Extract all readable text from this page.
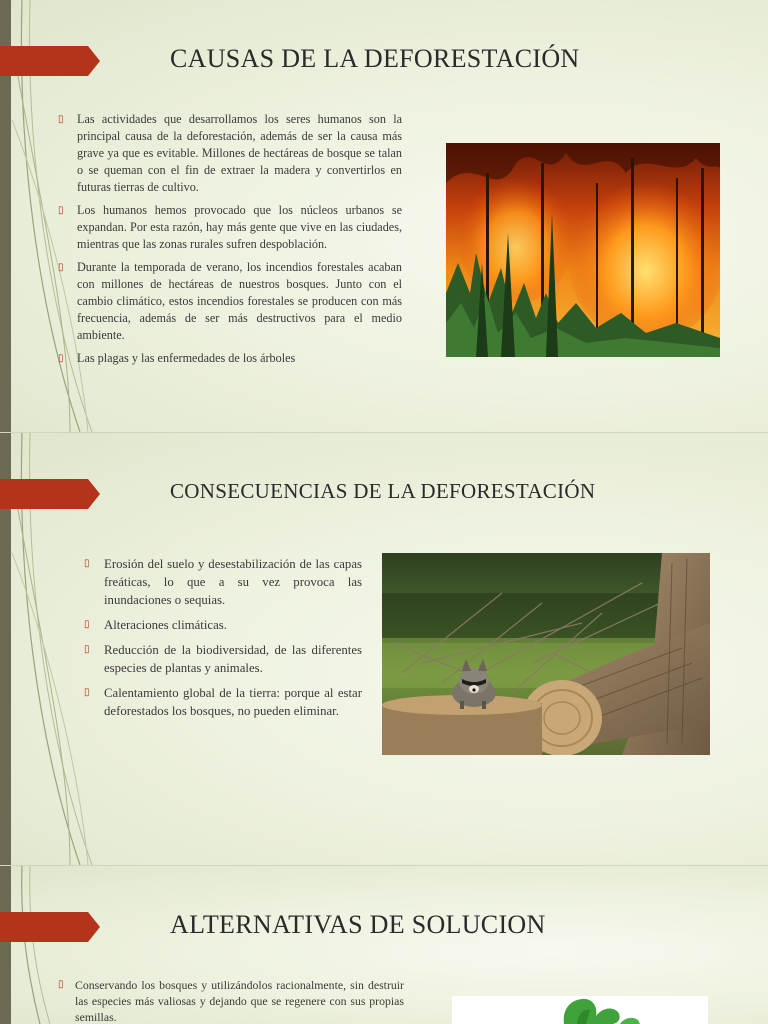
CAUSAS DE LA DEFORESTACIÓN
▯ Las actividades que desarrollamos los seres humanos son la principal causa de la deforestación, además de ser la causa más grave ya que es evitable. Millones de hectáreas de bosque se talan o se queman con el fin de extraer la madera y convertirlos en futuras tierras de cultivo.
▯ Los humanos hemos provocado que los núcleos urbanos se expandan. Por esta razón, hay más gente que vive en las ciudades, mientras que las zonas rurales sufren despoblación.
▯ Durante la temporada de verano, los incendios forestales acaban con millones de hectáreas de nuestros bosques. Junto con el cambio climático, estos incendios forestales se producen con más frecuencia, además de ser más destructivos para el medio ambiente.
▯ Las plagas y las enfermedades de los árboles
CONSECUENCIAS DE LA DEFORESTACIÓN
▯ Erosión del suelo y desestabilización de las capas freáticas, lo que a su vez provoca las inundaciones o sequias.
▯ Alteraciones climáticas.
▯ Reducción de la biodiversidad, de las diferentes especies de plantas y animales.
▯ Calentamiento global de la tierra: porque al estar deforestados los bosques, no pueden eliminar.
ALTERNATIVAS DE SOLUCION
▯ Conservando los bosques y utilizándolos racionalmente, sin destruir las especies más valiosas y dejando que se regenere con sus propias semillas.
